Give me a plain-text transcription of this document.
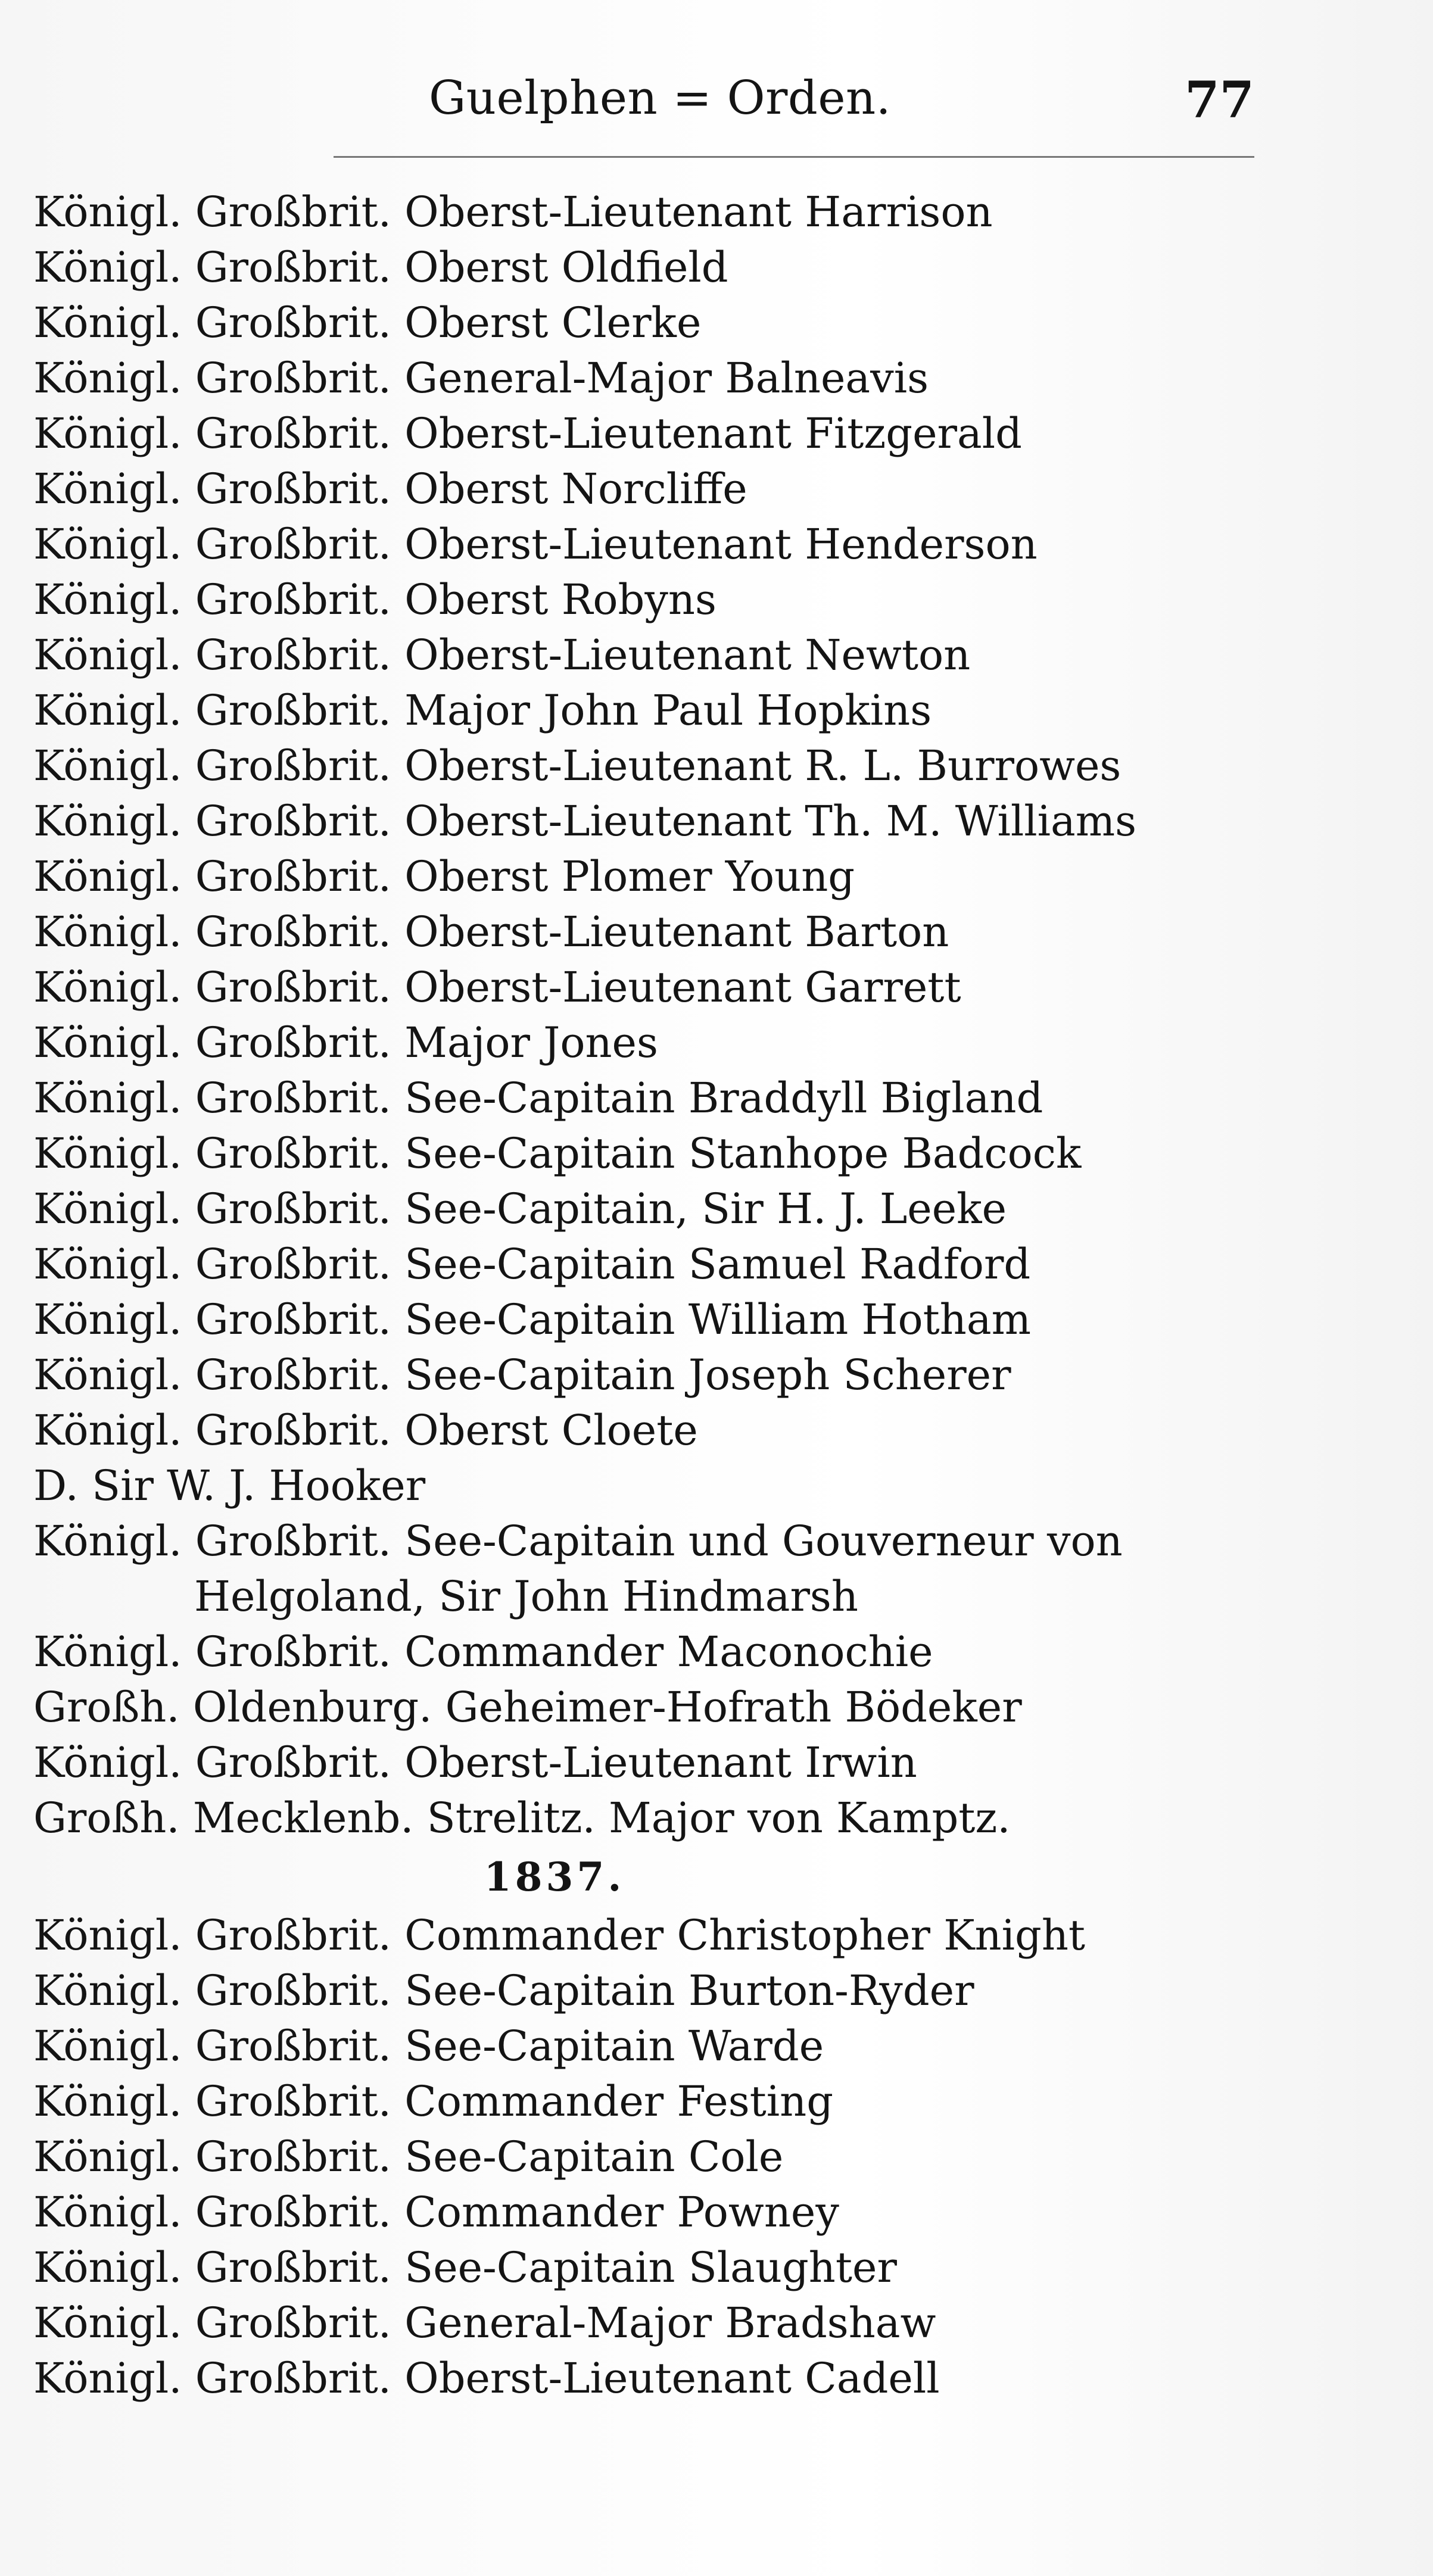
Guelphen = Orden.	77
Königl. Großbrit. Oberst-Lieutenant Harrison
Königl. Großbrit. Oberst Oldfield
Königl. Großbrit. Oberst Clerke
Königl. Großbrit. General-Major Balneavis
Königl. Großbrit. Oberst-Lieutenant Fitzgerald
Königl. Großbrit. Oberst Norcliffe
Königl. Großbrit. Oberst-Lieutenant Henderson
Königl. Großbrit. Oberst Robyns
Königl. Großbrit. Oberst-Lieutenant Newton
Königl. Großbrit. Major John Paul Hopkins
Königl. Großbrit. Oberst-Lieutenant R. L. Burrowes
Königl. Großbrit. Oberst-Lieutenant Th. M. Williams
Königl. Großbrit. Oberst Plomer Young
Königl. Großbrit. Oberst-Lieutenant Barton
Königl. Großbrit. Oberst-Lieutenant Garrett
Königl. Großbrit. Major Jones
Königl. Großbrit. See-Capitain Braddyll Bigland
Königl. Großbrit. See-Capitain Stanhope Badcock
Königl. Großbrit. See-Capitain, Sir H. J. Leeke
Königl. Großbrit. See-Capitain Samuel Radford
Königl. Großbrit. See-Capitain William Hotham
Königl. Großbrit. See-Capitain Joseph Scherer
Königl. Großbrit. Oberst Cloete
D. Sir W. J. Hooker
Königl. Großbrit. See-Capitain und Gouverneur von
Helgoland, Sir John Hindmarsh
Königl. Großbrit. Commander Maconochie
Großh. Oldenburg. Geheimer-Hofrath Bödeker
Königl. Großbrit. Oberst-Lieutenant Irwin
Großh. Mecklenb. Strelitz. Major von Kamptz.
1837.
Königl. Großbrit. Commander Christopher Knight
Königl. Großbrit. See-Capitain Burton-Ryder
Königl. Großbrit. See-Capitain Warde
Königl. Großbrit. Commander Festing
Königl. Großbrit. See-Capitain Cole
Königl. Großbrit. Commander Powney
Königl. Großbrit. See-Capitain Slaughter
Königl. Großbrit. General-Major Bradshaw
Königl. Großbrit. Oberst-Lieutenant Cadell
